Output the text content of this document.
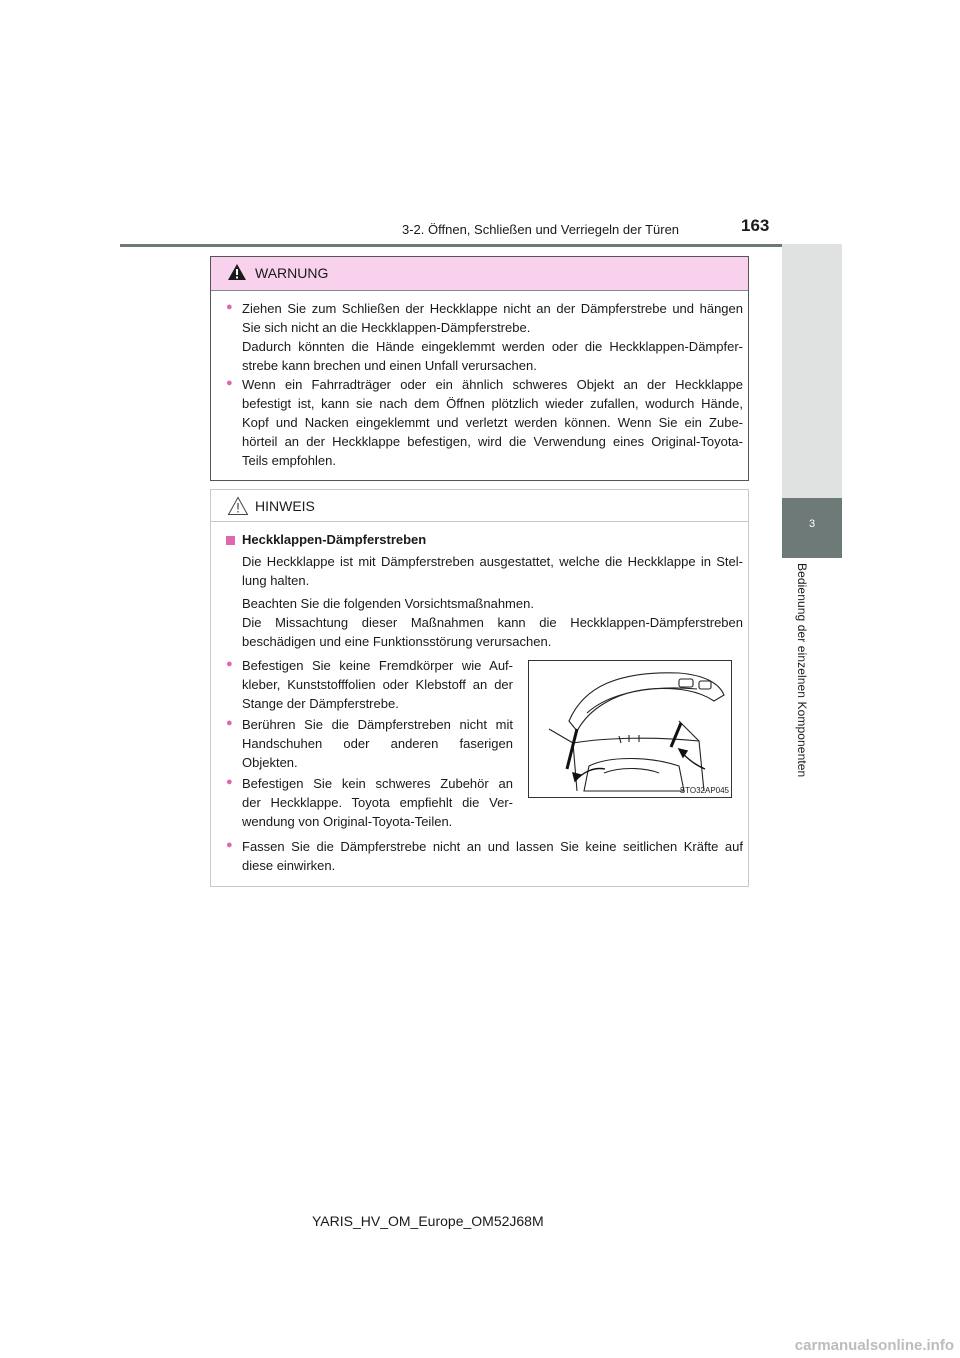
3-2. Öffnen, Schließen und Verriegeln der Türen	163
3
Bedienung der einzelnen Komponenten
WARNUNG
● Ziehen Sie zum Schließen der Heckklappe nicht an der Dämpferstrebe und hängen
Sie sich nicht an die Heckklappen-Dämpferstrebe.
Dadurch könnten die Hände eingeklemmt werden oder die Heckklappen-Dämpfer-
strebe kann brechen und einen Unfall verursachen.
● Wenn ein Fahrradträger oder ein ähnlich schweres Objekt an der Heckklappe
befestigt ist, kann sie nach dem Öffnen plötzlich wieder zufallen, wodurch Hände,
Kopf und Nacken eingeklemmt und verletzt werden können. Wenn Sie ein Zube-
hörteil an der Heckklappe befestigen, wird die Verwendung eines Original-Toyota-
Teils empfohlen.
HINWEIS
Heckklappen-Dämpferstreben
Die Heckklappe ist mit Dämpferstreben ausgestattet, welche die Heckklappe in Stel-
lung halten.
Beachten Sie die folgenden Vorsichtsmaßnahmen.
Die Missachtung dieser Maßnahmen kann die Heckklappen-Dämpferstreben
beschädigen und eine Funktionsstörung verursachen.
● Befestigen Sie keine Fremdkörper wie Auf-
kleber, Kunststofffolien oder Klebstoff an der
Stange der Dämpferstrebe.
● Berühren Sie die Dämpferstreben nicht mit
Handschuhen oder anderen faserigen
Objekten.
● Befestigen Sie kein schweres Zubehör an
der Heckklappe. Toyota empfiehlt die Ver-
wendung von Original-Toyota-Teilen.
● Fassen Sie die Dämpferstrebe nicht an und lassen Sie keine seitlichen Kräfte auf
diese einwirken.
STO32AP045
YARIS_HV_OM_Europe_OM52J68M
carmanualsonline.info
